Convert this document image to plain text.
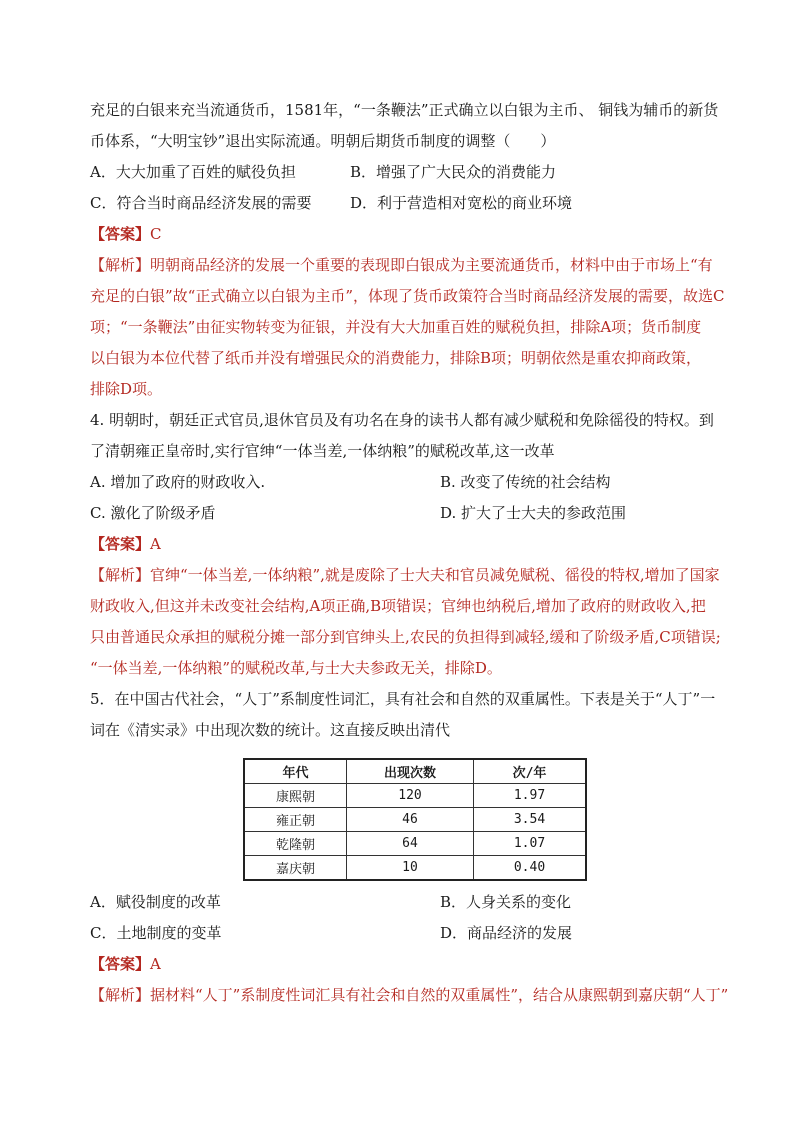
充足的白银来充当流通货币，1581年，“一条鞭法”正式确立以白银为主币、 铜钱为辅币的新货
币体系，“大明宝钞”退出实际流通。明朝后期货币制度的调整（　　）
A．大大加重了百姓的赋役负担	B．增强了广大民众的消费能力
C．符合当时商品经济发展的需要	D．利于营造相对宽松的商业环境
【答案】C
【解析】明朝商品经济的发展一个重要的表现即白银成为主要流通货币，材料中由于市场上“有
充足的白银”故“正式确立以白银为主币”，体现了货币政策符合当时商品经济发展的需要，故选C
项；“一条鞭法”由征实物转变为征银，并没有大大加重百姓的赋税负担，排除A项；货币制度
以白银为本位代替了纸币并没有增强民众的消费能力，排除B项；明朝依然是重农抑商政策，
排除D项。
4. 明朝时，朝廷正式官员,退休官员及有功名在身的读书人都有减少赋税和免除徭役的特权。到
了清朝雍正皇帝时,实行官绅“一体当差,一体纳粮”的赋税改革,这一改革
A. 增加了政府的财政收入.	B. 改变了传统的社会结构
C. 激化了阶级矛盾	D. 扩大了士大夫的参政范围
【答案】A
【解析】官绅“一体当差,一体纳粮”,就是废除了士大夫和官员减免赋税、徭役的特权,增加了国家
财政收入,但这并未改变社会结构,A项正确,B项错误；官绅也纳税后,增加了政府的财政收入,把
只由普通民众承担的赋税分摊一部分到官绅头上,农民的负担得到减轻,缓和了阶级矛盾,C项错误;
“一体当差,一体纳粮”的赋税改革,与士大夫参政无关，排除D。
5．在中国古代社会，“人丁”系制度性词汇，具有社会和自然的双重属性。下表是关于“人丁”一
词在《清实录》中出现次数的统计。这直接反映出清代
年代	出现次数	次/年
康熙朝	120	1.97
雍正朝	46	3.54
乾隆朝	64	1.07
嘉庆朝	10	0.40
A．赋役制度的改革	B．人身关系的变化
C．土地制度的变革	D．商品经济的发展
【答案】A
【解析】据材料“人丁”系制度性词汇具有社会和自然的双重属性”，结合从康熙朝到嘉庆朝“人丁”
